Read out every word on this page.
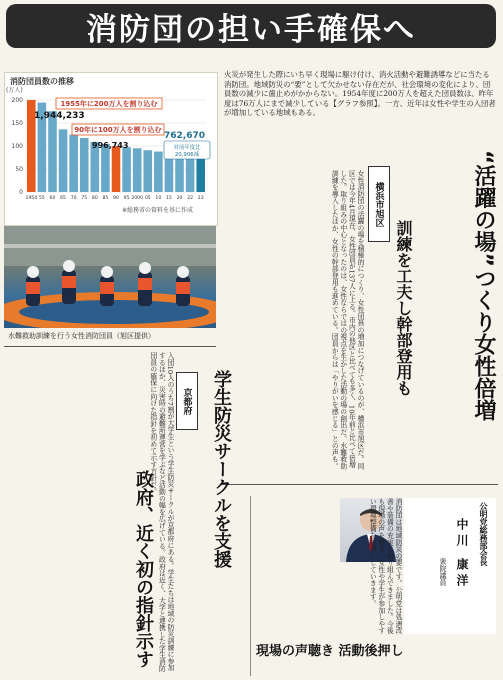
消防団の担い手確保へ
火災が発生した際にいち早く現場に駆け付け、消火活動や避難誘導などに当たる消防団。地域防災の“要”として欠かせない存在だが、社会環境の変化により、団員数の減少に歯止めがかからない。1954年度に200万人を超えた団員数は、昨年度は76万人にまで減少している【グラフ参照】。一方、近年は女性や学生の入団者が増加している地域もある。
消防団員数の推移
(万人)
0
50
100
150
200
1954 55 60 65 70 75 80 85 90 95 2000 05 10 15 20 22 23
1955年に200万人を割り込む
1,944,233
90年に100万人を割り込む
996,743
762,670
対前年度比
20,906減
※総務省の資料を基に作成
水難救助訓練を行う女性消防団員（旭区提供）	“活躍の場”つくり女性倍増
訓練を工夫し幹部登用も
横浜市旭区
女性消防団の活躍の場を積極的につくり、女性団員の増加につなげているのが、横浜市旭区だ。同区では今年4月現在、女性団員が137人に上る。市内の他区と比べても多く、10年前と比べて倍増した。取り組みの中心となったのは、女性ならではの視点を生かした活動の場の創出だ。水難救助訓練を導入したほか、女性の幹部登用も進めている。団員からは「やりがいを感じる」との声も。
京都府	学生防災サークルを支援
政府、近く初の指針示す	入団10人のうち7割が大学生という学生防災サークルが京都府にある。学生たちは地域の防災訓練に参加するほか、災害時の避難所運営を学ぶなど活動の幅を広げている。政府は近く、大学と連携した学生消防団員の確保に向けた指針を初めて示す方針だ。
現場の声聴き 活動後押し
公明党総務部会長
中川 康洋
衆院議員
消防団は地域防災の要です。公明党は処遇改善や装備の充実に取り組んできました。今後も現場の声を聴き、女性や学生が参加しやすい環境整備を後押ししていきます。
